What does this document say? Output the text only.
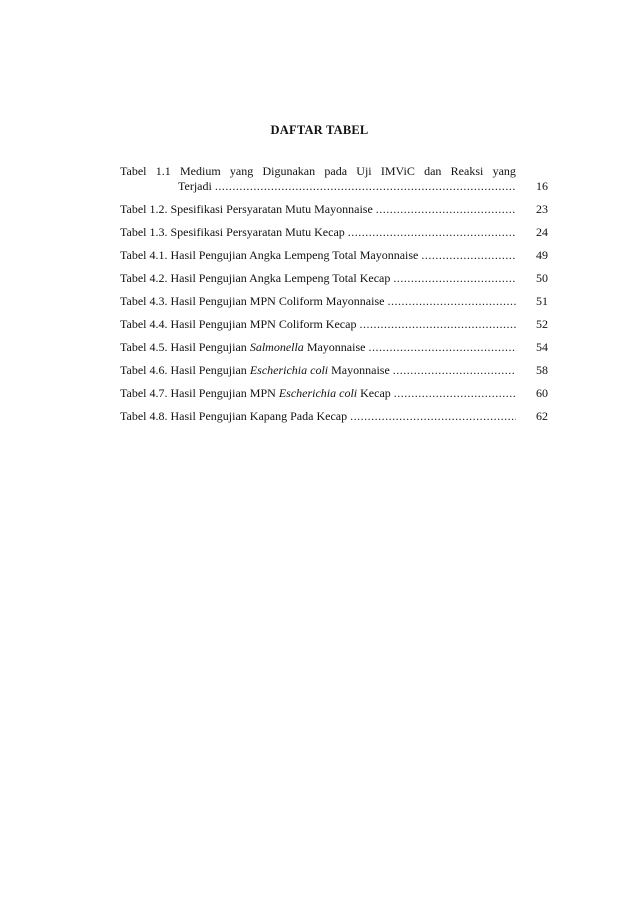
DAFTAR TABEL
Tabel 1.1 Medium yang Digunakan pada Uji IMViC dan Reaksi yang
Terjadi .....	16
Tabel 1.2. Spesifikasi Persyaratan Mutu Mayonnaise .....	23
Tabel 1.3. Spesifikasi Persyaratan Mutu Kecap .....	24
Tabel 4.1. Hasil Pengujian Angka Lempeng Total Mayonnaise .....	49
Tabel 4.2. Hasil Pengujian Angka Lempeng Total Kecap .....	50
Tabel 4.3. Hasil Pengujian MPN Coliform Mayonnaise .....	51
Tabel 4.4. Hasil Pengujian MPN Coliform Kecap .....	52
Tabel 4.5. Hasil Pengujian Salmonella Mayonnaise .....	54
Tabel 4.6. Hasil Pengujian Escherichia coli Mayonnaise .....	58
Tabel 4.7. Hasil Pengujian MPN Escherichia coli Kecap .....	60
Tabel 4.8. Hasil Pengujian Kapang Pada Kecap .....	62
